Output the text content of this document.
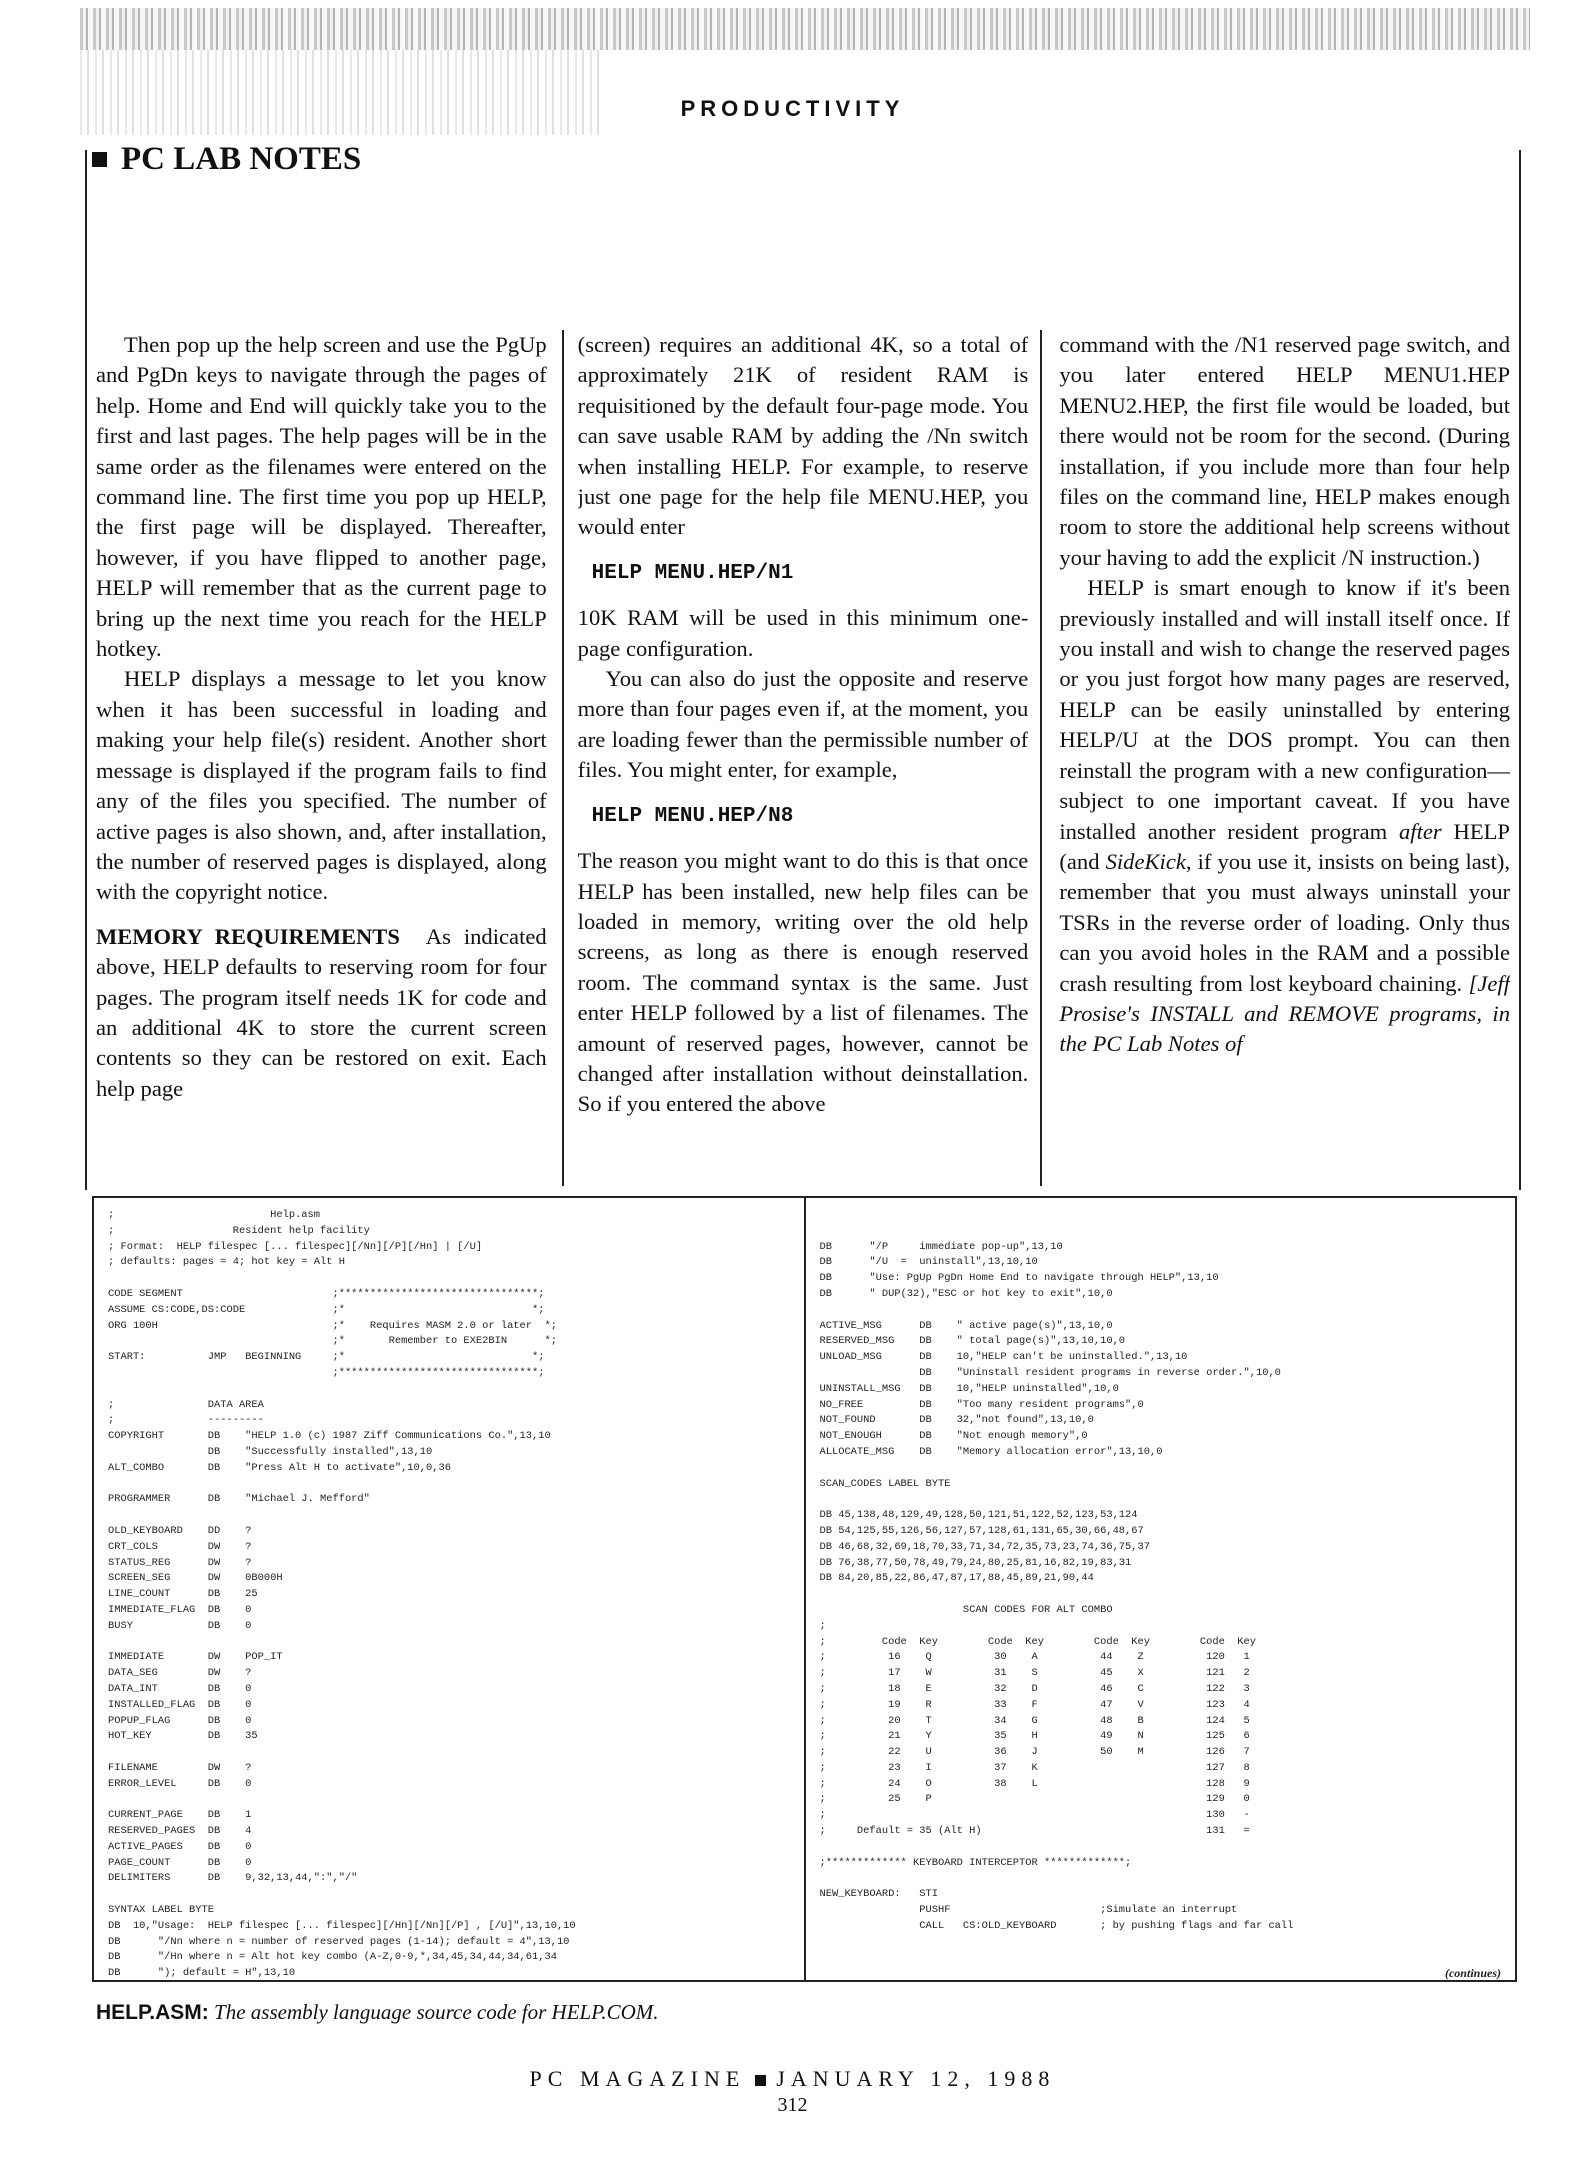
PRODUCTIVITY
PC LAB NOTES

Then pop up the help screen and use the PgUp and PgDn keys to navigate through the pages of help. Home and End will quickly take you to the first and last pages. The help pages will be in the same order as the filenames were entered on the command line. The first time you pop up HELP, the first page will be displayed. Thereafter, however, if you have flipped to another page, HELP will remember that as the current page to bring up the next time you reach for the HELP hotkey.

HELP displays a message to let you know when it has been successful in loading and making your help file(s) resident. Another short message is displayed if the program fails to find any of the files you specified. The number of active pages is also shown, and, after installation, the number of reserved pages is displayed, along with the copyright notice.

MEMORY REQUIREMENTS As indicated above, HELP defaults to reserving room for four pages. The program itself needs 1K for code and an additional 4K to store the current screen contents so they can be restored on exit. Each help page

(screen) requires an additional 4K, so a total of approximately 21K of resident RAM is requisitioned by the default four-page mode. You can save usable RAM by adding the /Nn switch when installing HELP. For example, to reserve just one page for the help file MENU.HEP, you would enter

HELP MENU.HEP/N1

10K RAM will be used in this minimum one-page configuration.

You can also do just the opposite and reserve more than four pages even if, at the moment, you are loading fewer than the permissible number of files. You might enter, for example,

HELP MENU.HEP/N8

The reason you might want to do this is that once HELP has been installed, new help files can be loaded in memory, writing over the old help screens, as long as there is enough reserved room. The command syntax is the same. Just enter HELP followed by a list of filenames. The amount of reserved pages, however, cannot be changed after installation without deinstallation. So if you entered the above

command with the /N1 reserved page switch, and you later entered HELP MENU1.HEP MENU2.HEP, the first file would be loaded, but there would not be room for the second. (During installation, if you include more than four help files on the command line, HELP makes enough room to store the additional help screens without your having to add the explicit /N instruction.)

HELP is smart enough to know if it's been previously installed and will install itself once. If you install and wish to change the reserved pages or you just forgot how many pages are reserved, HELP can be easily uninstalled by entering HELP/U at the DOS prompt. You can then reinstall the program with a new configuration—subject to one important caveat. If you have installed another resident program after HELP (and SideKick, if you use it, insists on being last), remember that you must always uninstall your TSRs in the reverse order of loading. Only thus can you avoid holes in the RAM and a possible crash resulting from lost keyboard chaining. [Jeff Prosise's INSTALL and REMOVE programs, in the PC Lab Notes of

;                         Help.asm
;                   Resident help facility
; Format:  HELP filespec [... filespec][/Nn][/P][/Hn] | [/U]
; defaults: pages = 4; hot key = Alt H

CODE SEGMENT                        ;********************************;
ASSUME CS:CODE,DS:CODE              ;*                              *;
ORG 100H                            ;*    Requires MASM 2.0 or later  *;
;*       Remember to EXE2BIN      *;
START:          JMP   BEGINNING     ;*                              *;
;********************************;

;               DATA AREA
;               ---------
COPYRIGHT       DB    "HELP 1.0 (c) 1987 Ziff Communications Co.",13,10
DB    "Successfully installed",13,10
ALT_COMBO       DB    "Press Alt H to activate",10,0,36

PROGRAMMER      DB    "Michael J. Mefford"

OLD_KEYBOARD    DD    ?
CRT_COLS        DW    ?
STATUS_REG      DW    ?
SCREEN_SEG      DW    0B000H
LINE_COUNT      DB    25
IMMEDIATE_FLAG  DB    0
BUSY            DB    0

IMMEDIATE       DW    POP_IT
DATA_SEG        DW    ?
DATA_INT        DB    0
INSTALLED_FLAG  DB    0
POPUP_FLAG      DB    0
HOT_KEY         DB    35

FILENAME        DW    ?
ERROR_LEVEL     DB    0

CURRENT_PAGE    DB    1
RESERVED_PAGES  DB    4
ACTIVE_PAGES    DB    0
PAGE_COUNT      DB    0
DELIMITERS      DB    9,32,13,44,":","/"

SYNTAX LABEL BYTE
DB  10,"Usage:  HELP filespec [... filespec][/Hn][/Nn][/P] , [/U]",13,10,10
DB      "/Nn where n = number of reserved pages (1-14); default = 4",13,10
DB      "/Hn where n = Alt hot key combo (A-Z,0-9,*,34,45,34,44,34,61,34
DB      "); default = H",13,10

DB      "/P     immediate pop-up",13,10
DB      "/U  =  uninstall",13,10,10
DB      "Use: PgUp PgDn Home End to navigate through HELP",13,10
DB      " DUP(32),"ESC or hot key to exit",10,0

ACTIVE_MSG      DB    " active page(s)",13,10,0
RESERVED_MSG    DB    " total page(s)",13,10,10,0
UNLOAD_MSG      DB    10,"HELP can't be uninstalled.",13,10
DB    "Uninstall resident programs in reverse order.",10,0
UNINSTALL_MSG   DB    10,"HELP uninstalled",10,0
NO_FREE         DB    "Too many resident programs",0
NOT_FOUND       DB    32,"not found",13,10,0
NOT_ENOUGH      DB    "Not enough memory",0
ALLOCATE_MSG    DB    "Memory allocation error",13,10,0

SCAN_CODES LABEL BYTE

DB 45,138,48,129,49,128,50,121,51,122,52,123,53,124
DB 54,125,55,126,56,127,57,128,61,131,65,30,66,48,67
DB 46,68,32,69,18,70,33,71,34,72,35,73,23,74,36,75,37
DB 76,38,77,50,78,49,79,24,80,25,81,16,82,19,83,31
DB 84,20,85,22,86,47,87,17,88,45,89,21,90,44

SCAN CODES FOR ALT COMBO
;
;         Code  Key        Code  Key        Code  Key        Code  Key
;          16    Q          30    A          44    Z          120   1
;          17    W          31    S          45    X          121   2
;          18    E          32    D          46    C          122   3
;          19    R          33    F          47    V          123   4
;          20    T          34    G          48    B          124   5
;          21    Y          35    H          49    N          125   6
;          22    U          36    J          50    M          126   7
;          23    I          37    K                           127   8
;          24    O          38    L                           128   9
;          25    P                                            129   0
;                                                             130   -
;     Default = 35 (Alt H)                                    131   =

;************* KEYBOARD INTERCEPTOR *************;

NEW_KEYBOARD:   STI
PUSHF                        ;Simulate an interrupt
CALL   CS:OLD_KEYBOARD       ; by pushing flags and far call

(continues)

HELP.ASM: The assembly language source code for HELP.COM.
PC MAGAZINE JANUARY 12, 1988
312
